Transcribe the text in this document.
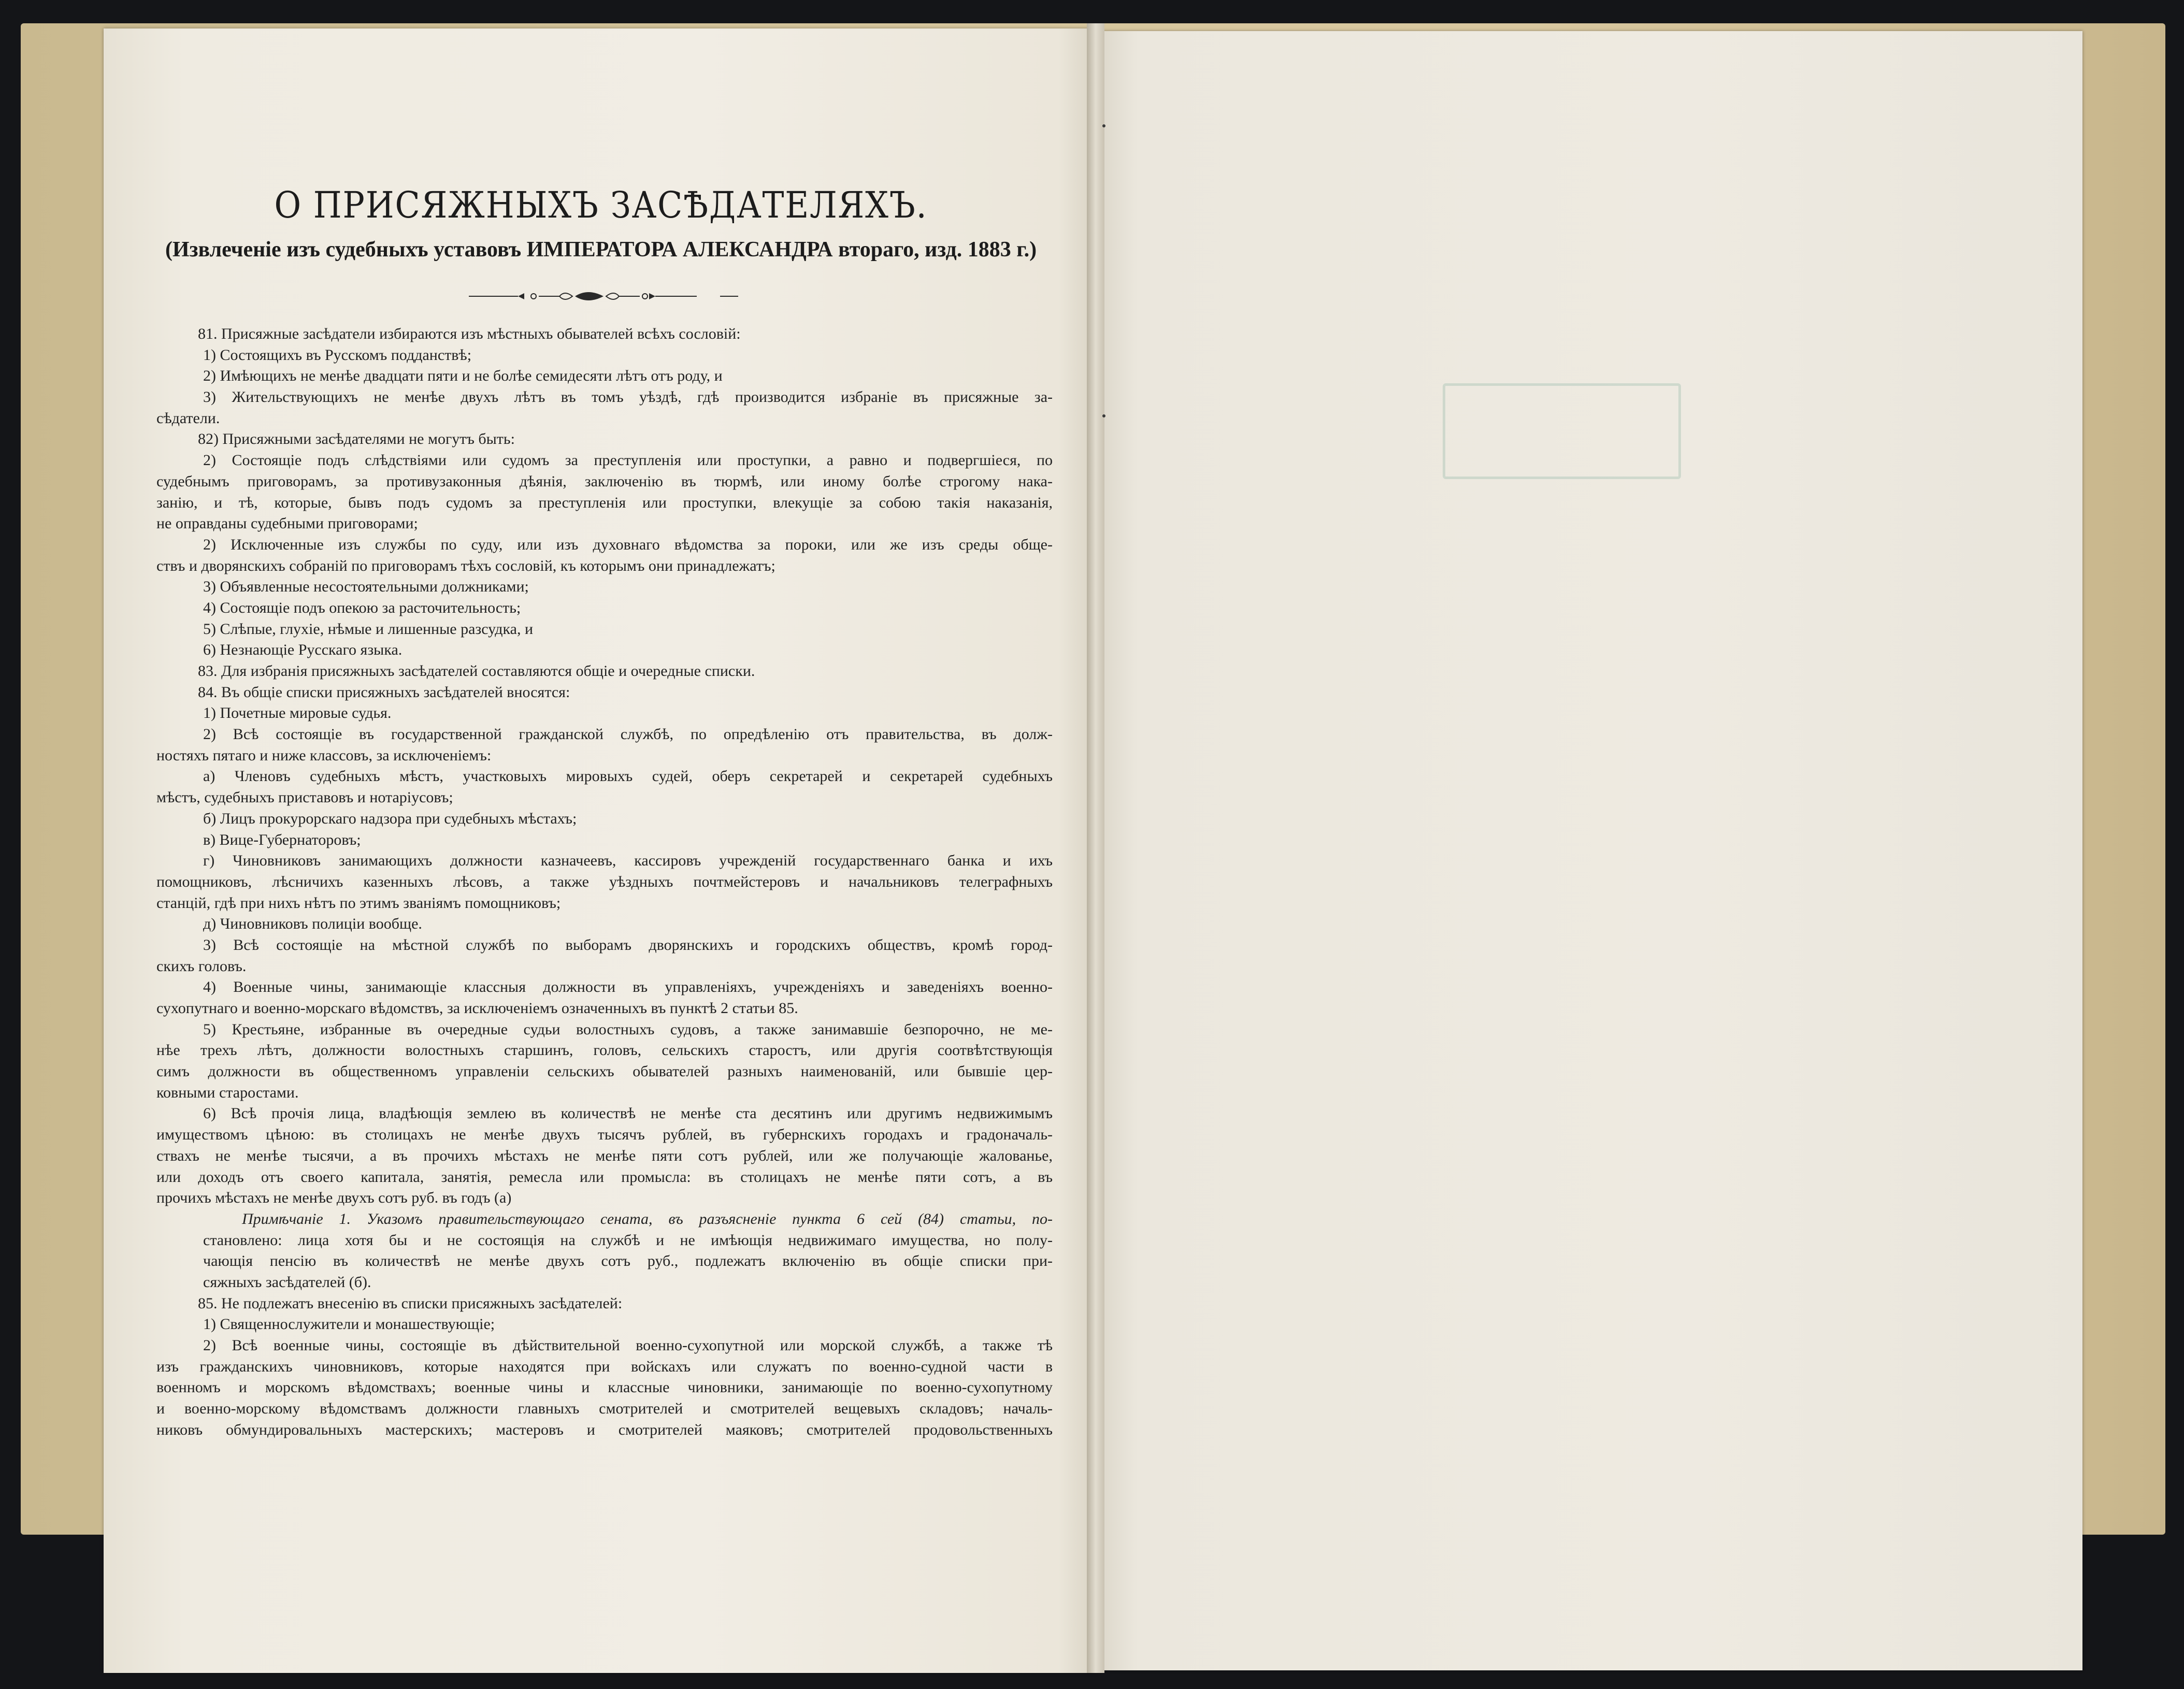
О ПРИСЯЖНЫХЪ ЗАСѢДАТЕЛЯХЪ.
(Извлеченіе изъ судебныхъ уставовъ ИМПЕРАТОРА АЛЕКСАНДРА втораго, изд. 1883 г.)
81. Присяжные засѣдатели избираются изъ мѣстныхъ обывателей всѣхъ сословій:
1) Состоящихъ въ Русскомъ подданствѣ;
2) Имѣющихъ не менѣе двадцати пяти и не болѣе семидесяти лѣтъ отъ роду, и
3) Жительствующихъ не менѣе двухъ лѣтъ въ томъ уѣздѣ, гдѣ производится избраніе въ присяжные за-
сѣдатели.
82) Присяжными засѣдателями не могутъ быть:
2) Состоящіе подъ слѣдствіями или судомъ за преступленія или проступки, а равно и подвергшіеся, по
судебнымъ приговорамъ, за противузаконныя дѣянія, заключенію въ тюрмѣ, или иному болѣе строгому нака-
занію, и тѣ, которые, бывъ подъ судомъ за преступленія или проступки, влекущіе за собою такія наказанія,
не оправданы судебными приговорами;
2) Исключенные изъ службы по суду, или изъ духовнаго вѣдомства за пороки, или же изъ среды общe-
ствъ и дворянскихъ собраній по приговорамъ тѣхъ сословій, къ которымъ они принадлежатъ;
3) Объявленные несостоятельными должниками;
4) Состоящіе подъ опекою за расточительность;
5) Слѣпые, глухіе, нѣмые и лишенные разсудка, и
6) Незнающіе Русскаго языка.
83. Для избранія присяжныхъ засѣдателей составляются общіе и очередные списки.
84. Въ общіе списки присяжныхъ засѣдателей вносятся:
1) Почетные мировые судья.
2) Всѣ состоящіе въ государственной гражданской службѣ, по опредѣленію отъ правительства, въ долж-
ностяхъ пятаго и ниже классовъ, за исключеніемъ:
а) Членовъ судебныхъ мѣстъ, участковыхъ мировыхъ судей, оберъ секретарей и секретарей судебныхъ
мѣстъ, судебныхъ приставовъ и нотаріусовъ;
б) Лицъ прокурорскаго надзора при судебныхъ мѣстахъ;
в) Вице-Губернаторовъ;
г) Чиновниковъ занимающихъ должности казначеевъ, кассировъ учрежденій государственнаго банка и ихъ
помощниковъ, лѣсничихъ казенныхъ лѣсовъ, а также уѣздныхъ почтмейстеровъ и начальниковъ телеграфныхъ
станцій, гдѣ при нихъ нѣтъ по этимъ званіямъ помощниковъ;
д) Чиновниковъ полиціи вообще.
3) Всѣ состоящіе на мѣстной службѣ по выборамъ дворянскихъ и городскихъ обществъ, кромѣ город-
скихъ головъ.
4) Военные чины, занимающіе классныя должности въ управленіяхъ, учрежденіяхъ и заведеніяхъ военно-
сухопутнаго и военно-морскаго вѣдомствъ, за исключеніемъ означенныхъ въ пунктѣ 2 статьи 85.
5) Крестьяне, избранные въ очередные судьи волостныхъ судовъ, а также занимавшіе безпорочно, не ме-
нѣе трехъ лѣтъ, должности волостныхъ старшинъ, головъ, сельскихъ старостъ, или другія соотвѣтствующія
симъ должности въ общественномъ управленіи сельскихъ обывателей разныхъ наименованій, или бывшіе цер-
ковными старостами.
6) Всѣ прочія лица, владѣющія землею въ количествѣ не менѣе ста десятинъ или другимъ недвижимымъ
имуществомъ цѣною: въ столицахъ не менѣе двухъ тысячъ рублей, въ губернскихъ городахъ и градоначаль-
ствахъ не менѣе тысячи, а въ прочихъ мѣстахъ не менѣе пяти сотъ рублей, или же получающіе жалованье,
или доходъ отъ своего капитала, занятія, ремесла или промысла: въ столицахъ не менѣе пяти сотъ, а въ
прочихъ мѣстахъ не менѣе двухъ сотъ руб. въ годъ (а)
Примѣчаніе 1. Указомъ правительствующаго сената, въ разъясненіе пункта 6 сей (84) статьи, по-
становлено: лица хотя бы и не состоящія на службѣ и не имѣющія недвижимаго имущества, но полу-
чающія пенсію въ количествѣ не менѣе двухъ сотъ руб., подлежатъ включенію въ общіе списки при-
сяжныхъ засѣдателей (б).
85. Не подлежатъ внесенію въ списки присяжныхъ засѣдателей:
1) Священнослужители и монашествующіе;
2) Всѣ военные чины, состоящіе въ дѣйствительной военно-сухопутной или морской службѣ, а также тѣ
изъ гражданскихъ чиновниковъ, которые находятся при войскахъ или служатъ по военно-судной части в
военномъ и морскомъ вѣдомствахъ; военные чины и классные чиновники, занимающіе по военно-сухопутному
и военно-морскому вѣдомствамъ должности главныхъ смотрителей и смотрителей вещевыхъ складовъ; началь-
никовъ обмундировальныхъ мастерскихъ; мастеровъ и смотрителей маяковъ; смотрителей продовольственныхъ
